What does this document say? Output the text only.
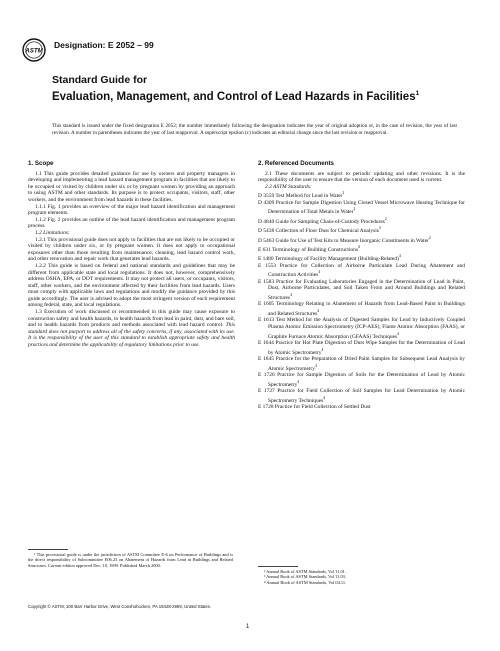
ASTM
Designation: E 2052 – 99

Standard Guide for

Evaluation, Management, and Control of Lead Hazards in Facilities$^1$

This standard is issued under the fixed designation E 2052; the number immediately following the designation indicates the year of original adoption or, in the case of revision, the year of last revision. A number in parentheses indicates the year of last reapproval. A superscript epsilon (ε) indicates an editorial change since the last revision or reapproval.

1. Scope

1.1 This guide provides detailed guidance for use by owners and property managers in developing and implementing a lead hazard management program in facilities that are likely to be occupied or visited by children under six or by pregnant women by providing an approach to using ASTM and other standards. Its purpose is to protect occupants, visitors, staff, other workers, and the environment from lead hazards in these facilities.

1.1.1 Fig. 1 provides an overview of the major lead hazard identification and management program elements.

1.1.2 Fig. 2 provides an outline of the lead hazard identification and management program process.

1.2 Limitations:

1.2.1 This provisional guide does not apply to facilities that are not likely to be occupied or visited by children under six, or by pregnant women. It does not apply to occupational exposures other than those resulting from maintenance, cleaning, lead hazard control work, and other renovation and repair work that generates lead hazards.

1.2.2 This guide is based on federal and national standards and guidelines that may be different from applicable state and local regulations. It does not, however, comprehensively address OSHA, EPA, or DOT requirements. It may not protect all users, or occupants, visitors, staff, other workers, and the environment affected by their facilities from lead hazards. Users must comply with applicable laws and regulations and modify the guidance provided by this guide accordingly. The user is advised to adopt the most stringent version of each requirement among federal, state, and local regulations.

1.3 Execution of work discussed or recommended in this guide may cause exposure to construction safety and health hazards, to health hazards from lead in paint, dust, and bare soil, and to health hazards from products and methods associated with lead hazard control. This standard does not purport to address all of the safety concerns, if any, associated with its use. It is the responsibility of the user of this standard to establish appropriate safety and health practices and determine the applicability of regulatory limitations prior to use.

¹ This provisional guide is under the jurisdiction of ASTM Committee E-6 on Performance of Buildings and is the direct responsibility of Subcommittee E06.23 on Abatement of Hazards from Lead in Buildings and Related Structures. Current edition approved Dec. 10, 1999. Published March 2000.

2. Referenced Documents

2.1 These documents are subject to periodic updating and other revisions. It is the responsibility of the user to ensure that the version of each document used is current.

2.2 ASTM Standards:

D 3559 Test Method for Lead in Water$^2$

D 4309 Practice for Sample Digestion Using Closed Vessel Microwave Heating Technique for Determination of Total Metals in Water$^2$

D 4840 Guide for Sampling Chain-of-Custody Procedures$^2$

D 5438 Collection of Floor Dust for Chemical Analysis$^3$

D 5463 Guide for Use of Test Kits to Measure Inorganic Constituents in Water$^2$

E 631 Terminology of Building Constructions$^4$

E 1480 Terminology of Facility Management (Building-Related)$^4$

E 1553 Practice for Collection of Airborne Particulate Lead During Abatement and Construction Activities$^4$

E 1583 Practice for Evaluating Laboratories Engaged in the Determination of Lead in Paint, Dust, Airborne Particulates, and Soil Taken From and Around Buildings and Related Structures$^4$

E 1605 Terminology Relating to Abatement of Hazards from Lead-Based Paint in Buildings and Related Structures$^4$

E 1613 Test Method for the Analysis of Digested Samples for Lead by Inductively Coupled Plasma Atomic Emission Spectrometry (ICP-AES), Flame Atomic Absorption (FAAS), or Graphite Furnace Atomic Absorption (GFAAS) Techniques$^4$

E 1644 Practice for Hot Plate Digestion of Dust Wipe Samples for the Determination of Lead by Atomic Spectrometry$^4$

E 1645 Practice for the Preparation of Dried Paint Samples for Subsequent Lead Analysis by Atomic Spectrometry$^4$

E 1726 Practice for Sample Digestion of Soils for the Determination of Lead by Atomic Spectrometry$^4$

E 1727 Practice for Field Collection of Soil Samples for Lead Determination by Atomic Spectrometry Techniques$^4$

E 1728 Practice for Field Collection of Settled Dust

² Annual Book of ASTM Standards, Vol 11.01.

³ Annual Book of ASTM Standards, Vol 11.03.

⁴ Annual Book of ASTM Standards, Vol 04.11.

Copyright © ASTM, 100 Barr Harbor Drive, West Conshohocken, PA 19428-2959, United States.
1
